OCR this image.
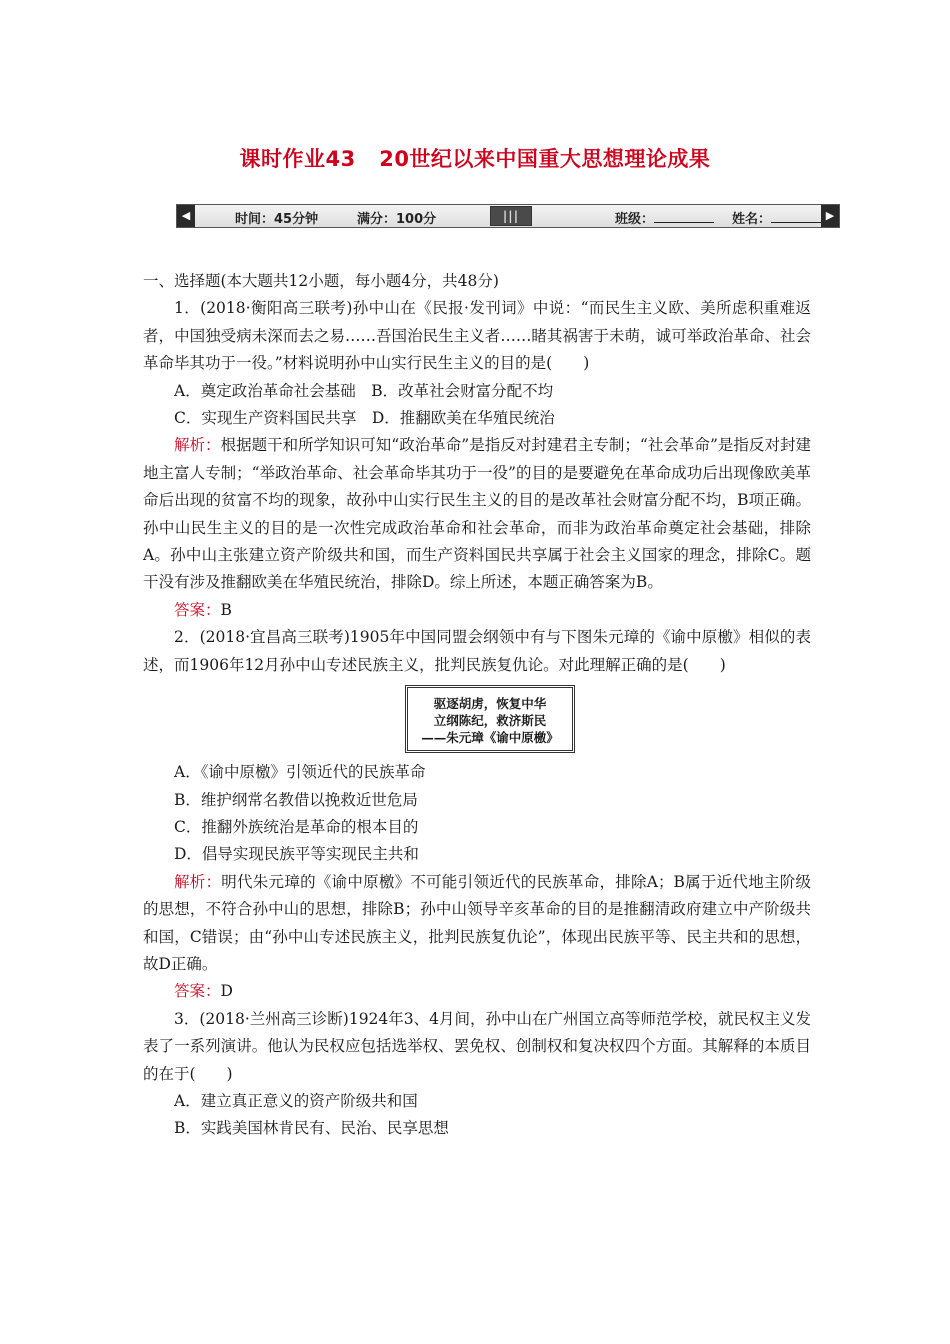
课时作业43   20世纪以来中国重大思想理论成果
◀	时间：45分钟	满分：100分	|||	班级：	姓名：	▶

一、选择题(本大题共12小题，每小题4分，共48分)

1．(2018·衡阳高三联考)孙中山在《民报·发刊词》中说：“而民生主义欧、美所虑积重难返者，中国独受病未深而去之易……吾国治民生主义者……睹其祸害于未萌，诚可举政治革命、社会革命毕其功于一役。”材料说明孙中山实行民生主义的目的是(　　)

A．奠定政治革命社会基础　B．改革社会财富分配不均

C．实现生产资料国民共享　D．推翻欧美在华殖民统治

解析：根据题干和所学知识可知“政治革命”是指反对封建君主专制；“社会革命”是指反对封建地主富人专制；“举政治革命、社会革命毕其功于一役”的目的是要避免在革命成功后出现像欧美革命后出现的贫富不均的现象，故孙中山实行民生主义的目的是改革社会财富分配不均，B项正确。孙中山民生主义的目的是一次性完成政治革命和社会革命，而非为政治革命奠定社会基础，排除A。孙中山主张建立资产阶级共和国，而生产资料国民共享属于社会主义国家的理念，排除C。题干没有涉及推翻欧美在华殖民统治，排除D。综上所述，本题正确答案为B。

答案：B

2．(2018·宜昌高三联考)1905年中国同盟会纲领中有与下图朱元璋的《谕中原檄》相似的表述，而1906年12月孙中山专述民族主义，批判民族复仇论。对此理解正确的是(　　)

驱逐胡虏，恢复中华
立纲陈纪，救济斯民
——朱元璋《谕中原檄》

A．《谕中原檄》引领近代的民族革命

B．维护纲常名教借以挽救近世危局

C．推翻外族统治是革命的根本目的

D．倡导实现民族平等实现民主共和

解析：明代朱元璋的《谕中原檄》不可能引领近代的民族革命，排除A；B属于近代地主阶级的思想，不符合孙中山的思想，排除B；孙中山领导辛亥革命的目的是推翻清政府建立中产阶级共和国，C错误；由“孙中山专述民族主义，批判民族复仇论”，体现出民族平等、民主共和的思想，故D正确。

答案：D

3．(2018·兰州高三诊断)1924年3、4月间，孙中山在广州国立高等师范学校，就民权主义发表了一系列演讲。他认为民权应包括选举权、罢免权、创制权和复决权四个方面。其解释的本质目的在于(　　)

A．建立真正意义的资产阶级共和国

B．实践美国林肯民有、民治、民享思想
